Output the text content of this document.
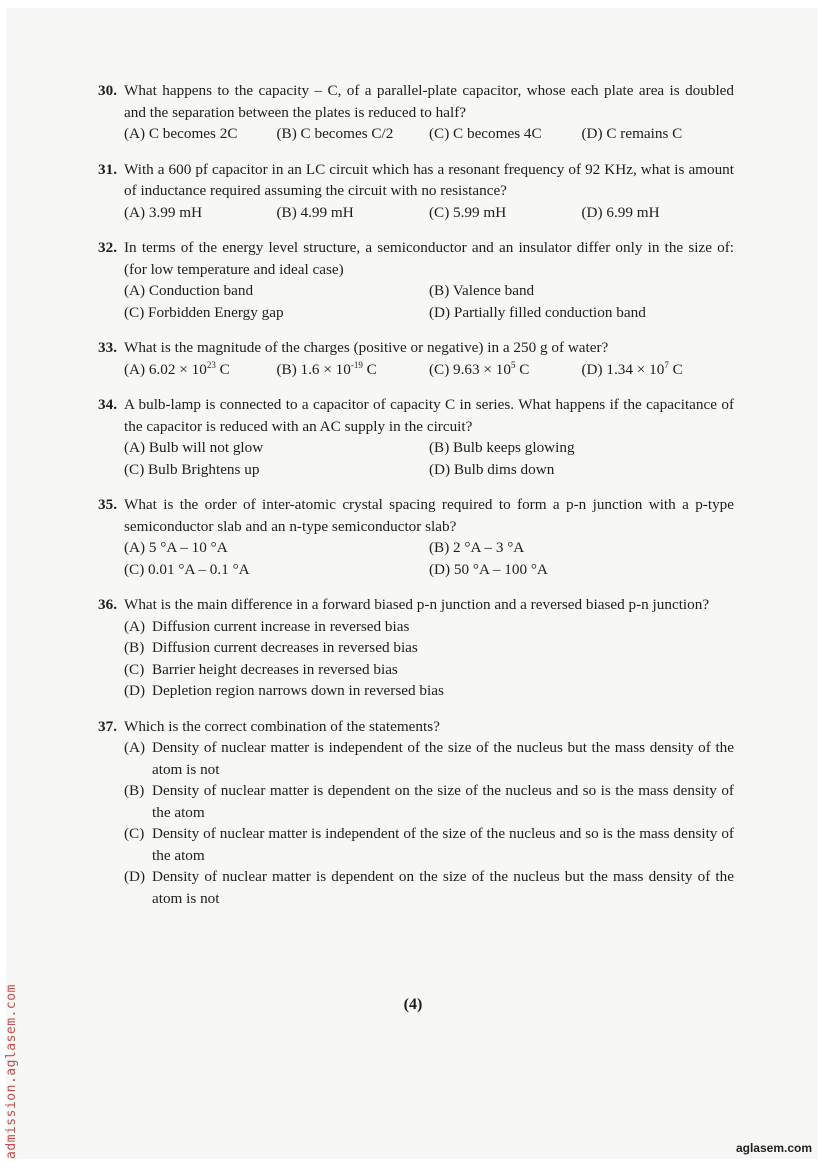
30. What happens to the capacity – C, of a parallel-plate capacitor, whose each plate area is doubled and the separation between the plates is reduced to half?
(A) C becomes 2C	(B) C becomes C/2	(C) C becomes 4C	(D) C remains C
31. With a 600 pf capacitor in an LC circuit which has a resonant frequency of 92 KHz, what is amount of inductance required assuming the circuit with no resistance?
(A) 3.99 mH	(B) 4.99 mH	(C) 5.99 mH	(D) 6.99 mH
32. In terms of the energy level structure, a semiconductor and an insulator differ only in the size of: (for low temperature and ideal case)
(A) Conduction band	(B) Valence band
(C) Forbidden Energy gap	(D) Partially filled conduction band
33. What is the magnitude of the charges (positive or negative) in a 250 g of water?
(A) $6.02 \times 10^{23}$ C	(B) $1.6 \times 10^{-19}$ C	(C) $9.63 \times 10^5$ C	(D) $1.34 \times 10^7$ C
34. A bulb-lamp is connected to a capacitor of capacity C in series. What happens if the capacitance of the capacitor is reduced with an AC supply in the circuit?
(A) Bulb will not glow	(B) Bulb keeps glowing
(C) Bulb Brightens up	(D) Bulb dims down
35. What is the order of inter-atomic crystal spacing required to form a p-n junction with a p-type semiconductor slab and an n-type semiconductor slab?
(A) 5 °A – 10 °A	(B) 2 °A – 3 °A
(C) 0.01 °A – 0.1 °A	(D) 50 °A – 100 °A
36. What is the main difference in a forward biased p-n junction and a reversed biased p-n junction?
(A) Diffusion current increase in reversed bias
(B) Diffusion current decreases in reversed bias
(C) Barrier height decreases in reversed bias
(D) Depletion region narrows down in reversed bias
37. Which is the correct combination of the statements?
(A) Density of nuclear matter is independent of the size of the nucleus but the mass density of the atom is not
(B) Density of nuclear matter is dependent on the size of the nucleus and so is the mass density of the atom
(C) Density of nuclear matter is independent of the size of the nucleus and so is the mass density of the atom
(D) Density of nuclear matter is dependent on the size of the nucleus but the mass density of the atom is not
(4)
admission.aglasem.com	aglasem.com
